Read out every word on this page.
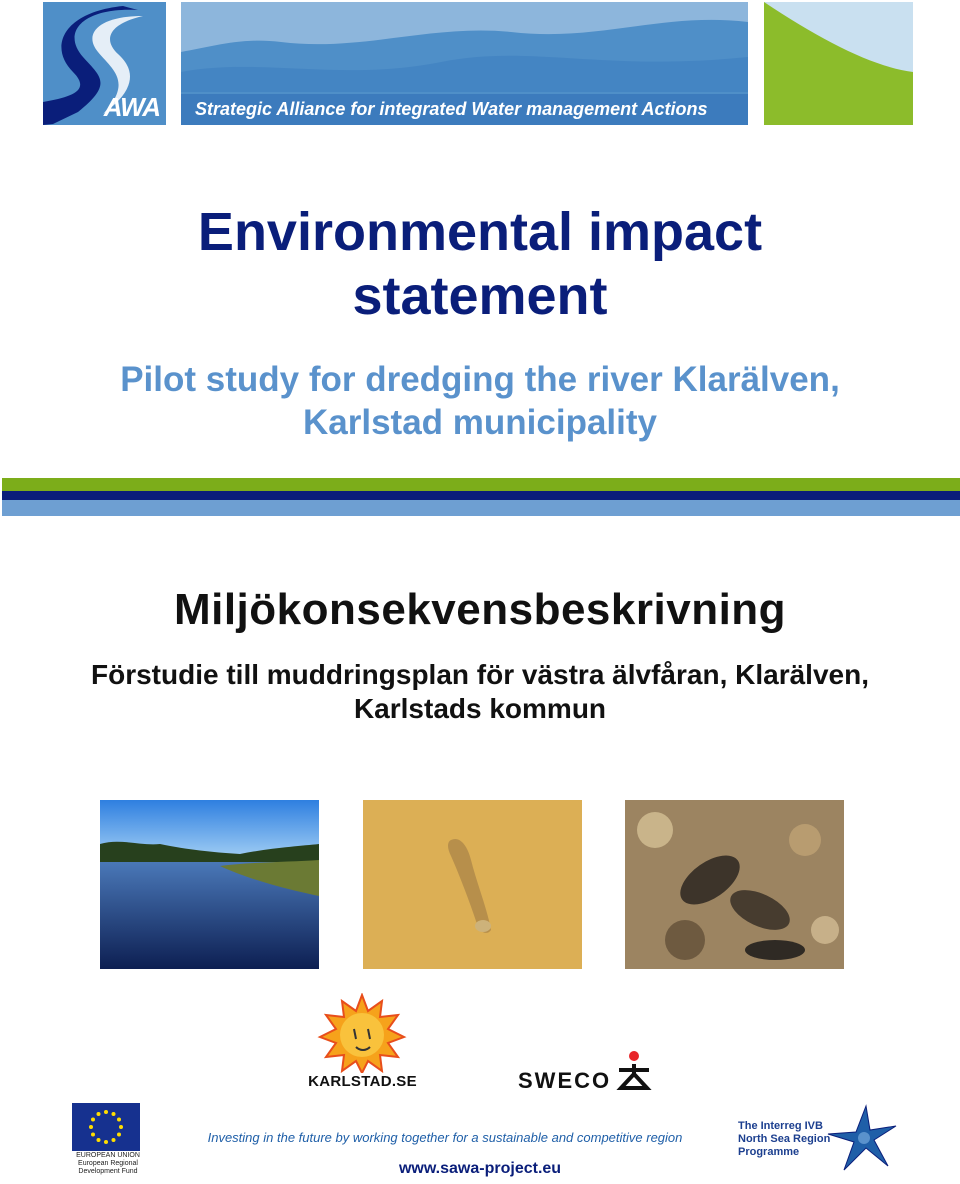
AWA Strategic Alliance for integrated Water management Actions
Environmental impact
statement
Pilot study for dredging the river Klarälven,
Karlstad municipality
Miljökonsekvensbeskrivning
Förstudie till muddringsplan för västra älvfåran, Klarälven,
Karlstads kommun
KARLSTAD.SE	SWECO
EUROPEAN UNION
European Regional
Development Fund
Investing in the future by working together for a sustainable and competitive region
www.sawa-project.eu
The Interreg IVB
North Sea Region
Programme
